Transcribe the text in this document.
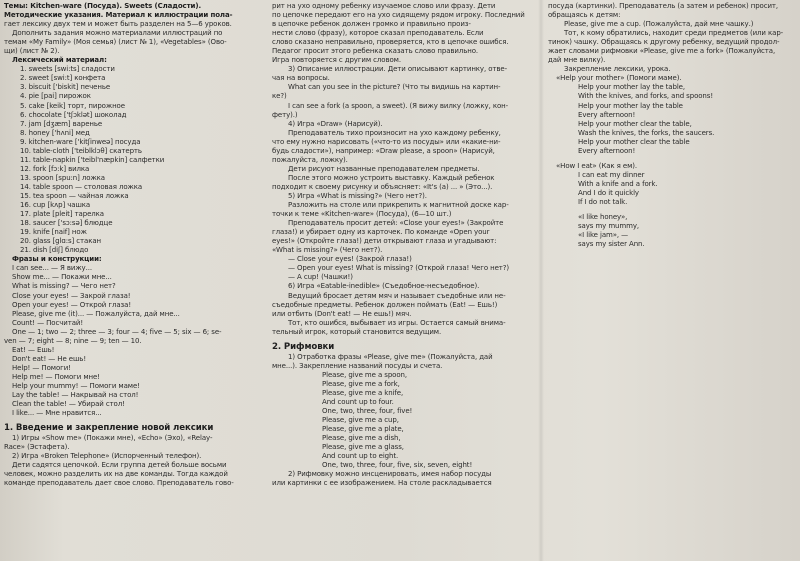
Темы: Кitchen-ware (Посуда). Sweets (Сладости).
Методические указания. Материал к иллюстрации пола-
гает лексику двух тем и может быть разделен на 5—6 уроков.
Дополнить задания можно материалами иллюстраций по
темам «My Family» (Моя семья) (лист № 1), «Vegetables» (Ово-
щи) (лист № 2).
Лексический материал:
1. sweets [swi:ts] сладости
2. sweet [swi:t] конфета
3. biscuit ['biskit] печенье
4. pie [pai] пирожок
5. cake [keik] торт, пирожное
6. chocolate ['tʃɔklət] шоколад
7. jam [dʒæm] варенье
8. honey ['hʌni] мед
9. kitchen-ware ['kitʃinweə] посуда
10. table-cloth ['teiblklɔθ] скатерть
11. table-napkin ['teibl'næpkin] салфетки
12. fork [fɔ:k] вилка
13. spoon [spu:n] ложка
14. table spoon — столовая ложка
15. tea spoon — чайная ложка
16. cup [kʌp] чашка
17. plate [pleit] тарелка
18. saucer ['sɔ:sə] блюдце
19. knife [naif] нож
20. glass [glɑ:s] стакан
21. dish [diʃ] блюдо
Фразы и конструкции:
I can see... — Я вижу...
Show me... — Покажи мне...
What is missing? — Чего нет?
Close your eyes! — Закрой глаза!
Open your eyes! — Открой глаза!
Please, give me (it)... — Пожалуйста, дай мне...
Count! — Посчитай!
One — 1; two — 2; three — 3; four — 4; five — 5; six — 6; se-
ven — 7; eight — 8; nine — 9; ten — 10.
Eat! — Ешь!
Don't eat! — Не ешь!
Help! — Помоги!
Help me! — Помоги мне!
Help your mummy! — Помоги маме!
Lay the table! — Накрывай на стол!
Clean the table! — Убирай стол!
I like... — Мне нравится...
1. Введение и закрепление новой лексики
1) Игры «Show me» (Покажи мне), «Echo» (Эхо), «Relay-
Race» (Эстафета).
2) Игра «Broken Telephone» (Испорченный телефон).
Дети садятся цепочкой. Если группа детей больше восьми
человек, можно разделить их на две команды. Тогда каждой
команде преподаватель дает свое слово. Преподаватель гово-
рит на ухо одному ребенку изучаемое слово или фразу. Дети
по цепочке передают его на ухо сидящему рядом игроку. Последний
в цепочке ребенок должен громко и правильно произ-
нести слово (фразу), которое сказал преподаватель. Если
слово сказано неправильно, проверяется, кто в цепочке ошибся.
Педагог просит этого ребенка сказать слово правильно.
Игра повторяется с другим словом.
3) Описание иллюстрации. Дети описывают картинку, отве-
чая на вопросы.
What can you see in the picture? (Что ты видишь на картин-
ке?)
I can see a fork (a spoon, a sweet). (Я вижу вилку (ложку, кон-
фету).)
4) Игра «Draw» (Нарисуй).
Преподаватель тихо произносит на ухо каждому ребенку,
что ему нужно нарисовать («что-то из посуды» или «какие-ни-
будь сладости»), например: «Draw please, a spoon» (Нарисуй,
пожалуйста, ложку).
Дети рисуют названные преподавателем предметы.
После этого можно устроить выставку. Каждый ребенок
подходит к своему рисунку и объясняет: «It's (a) ... » (Это...).
5) Игра «What is missing?» (Чего нет?).
Разложить на столе или прикрепить к магнитной доске кар-
точки к теме «Kitchen-ware» (Посуда), (6—10 шт.)
Преподаватель просит детей: «Close your eyes!» (Закройте
глаза!) и убирает одну из карточек. По команде «Open your
eyes!» (Откройте глаза!) дети открывают глаза и угадывают:
«What is missing?» (Чего нет?).
— Close your eyes! (Закрой глаза!)
— Open your eyes! What is missing? (Открой глаза! Чего нет?)
— A cup! (Чашки!)
6) Игра «Eatable-inedible» (Съедобное-несъедобное).
Ведущий бросает детям мяч и называет съедобные или не-
съедобные предметы. Ребенок должен поймать (Eat! — Ешь!)
или отбить (Don't eat! — Не ешь!) мяч.
Тот, кто ошибся, выбывает из игры. Остается самый внима-
тельный игрок, который становится ведущим.
2. Рифмовки
1) Отработка фразы «Please, give me» (Пожалуйста, дай
мне...). Закрепление названий посуды и счета.
Please, give me a spoon,
Please, give me a fork,
Please, give me a knife,
And count up to four.
One, two, three, four, five!
Please, give me a cup,
Please, give me a plate,
Please, give me a dish,
Please, give me a glass,
And count up to eight.
One, two, three, four, five, six, seven, eight!
2) Рифмовку можно инсценировать, имея набор посуды
или картинки с ее изображением. На столе раскладывается
посуда (картинки). Преподаватель (а затем и ребенок) просит,
обращаясь к детям:
Please, give me a cup. (Пожалуйста, дай мне чашку.)
Тот, к кому обратились, находит среди предметов (или кар-
тинок) чашку. Обращаясь к другому ребенку, ведущий продол-
жает словами рифмовки «Please, give me a fork» (Пожалуйста,
дай мне вилку).
Закрепление лексики, урока.
«Help your mother» (Помоги маме).
Help your mother lay the table,
With the knives, and forks, and spoons!
Help your mother lay the table
Every afternoon!
Help your mother clear the table,
Wash the knives, the forks, the saucers.
Help your mother clear the table
Every afternoon!
«How I eat» (Как я ем).
I can eat my dinner
With a knife and a fork.
And I do it quickly
If I do not talk.
«I like honey»,
says my mummy,
«I like jam», —
says my sister Ann.
